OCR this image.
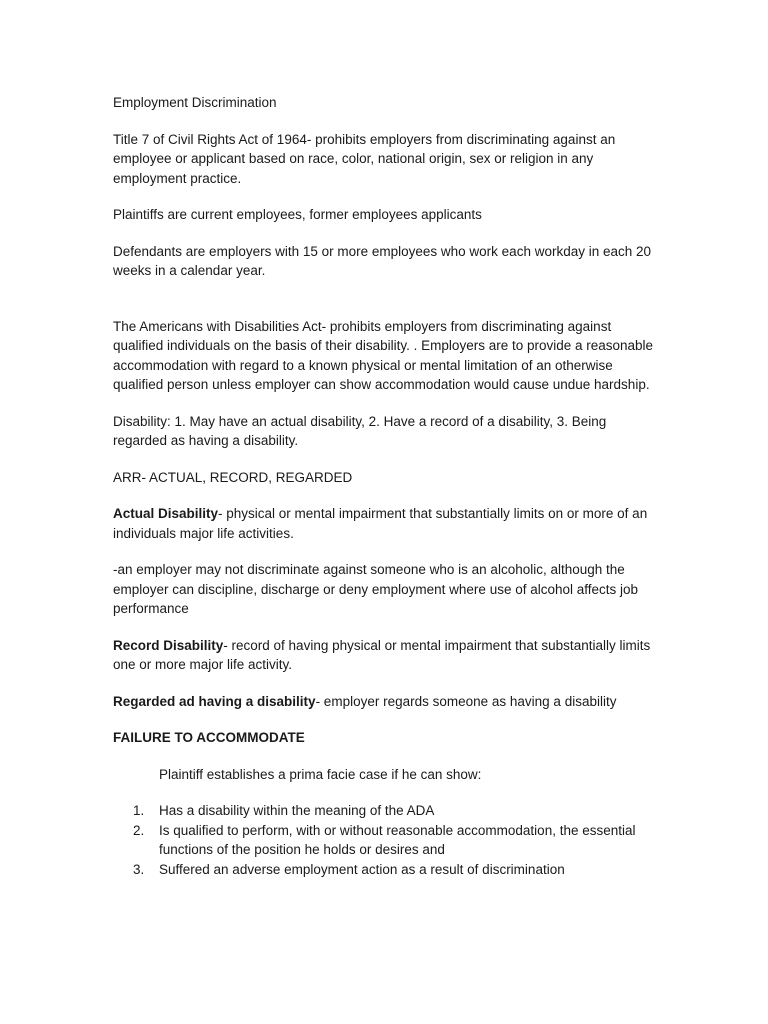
Employment Discrimination

Title 7 of Civil Rights Act of 1964- prohibits employers from discriminating against an employee or applicant based on race, color, national origin, sex or religion in any employment practice.

Plaintiffs are current employees, former employees applicants

Defendants are employers with 15 or more employees who work each workday in each 20 weeks in a calendar year.

The Americans with Disabilities Act- prohibits employers from discriminating against qualified individuals on the basis of their disability. . Employers are to provide a reasonable accommodation with regard to a known physical or mental limitation of an otherwise qualified person unless employer can show accommodation would cause undue hardship.

Disability: 1. May have an actual disability, 2. Have a record of a disability, 3. Being regarded as having a disability.

ARR- ACTUAL, RECORD, REGARDED

Actual Disability- physical or mental impairment that substantially limits on or more of an individuals major life activities.

-an employer may not discriminate against someone who is an alcoholic, although the employer can discipline, discharge or deny employment where use of alcohol affects job performance

Record Disability- record of having physical or mental impairment that substantially limits one or more major life activity.

Regarded ad having a disability- employer regards someone as having a disability

FAILURE TO ACCOMMODATE

Plaintiff establishes a prima facie case if he can show:

1. Has a disability within the meaning of the ADA
2. Is qualified to perform, with or without reasonable accommodation, the essential functions of the position he holds or desires and
3. Suffered an adverse employment action as a result of discrimination
